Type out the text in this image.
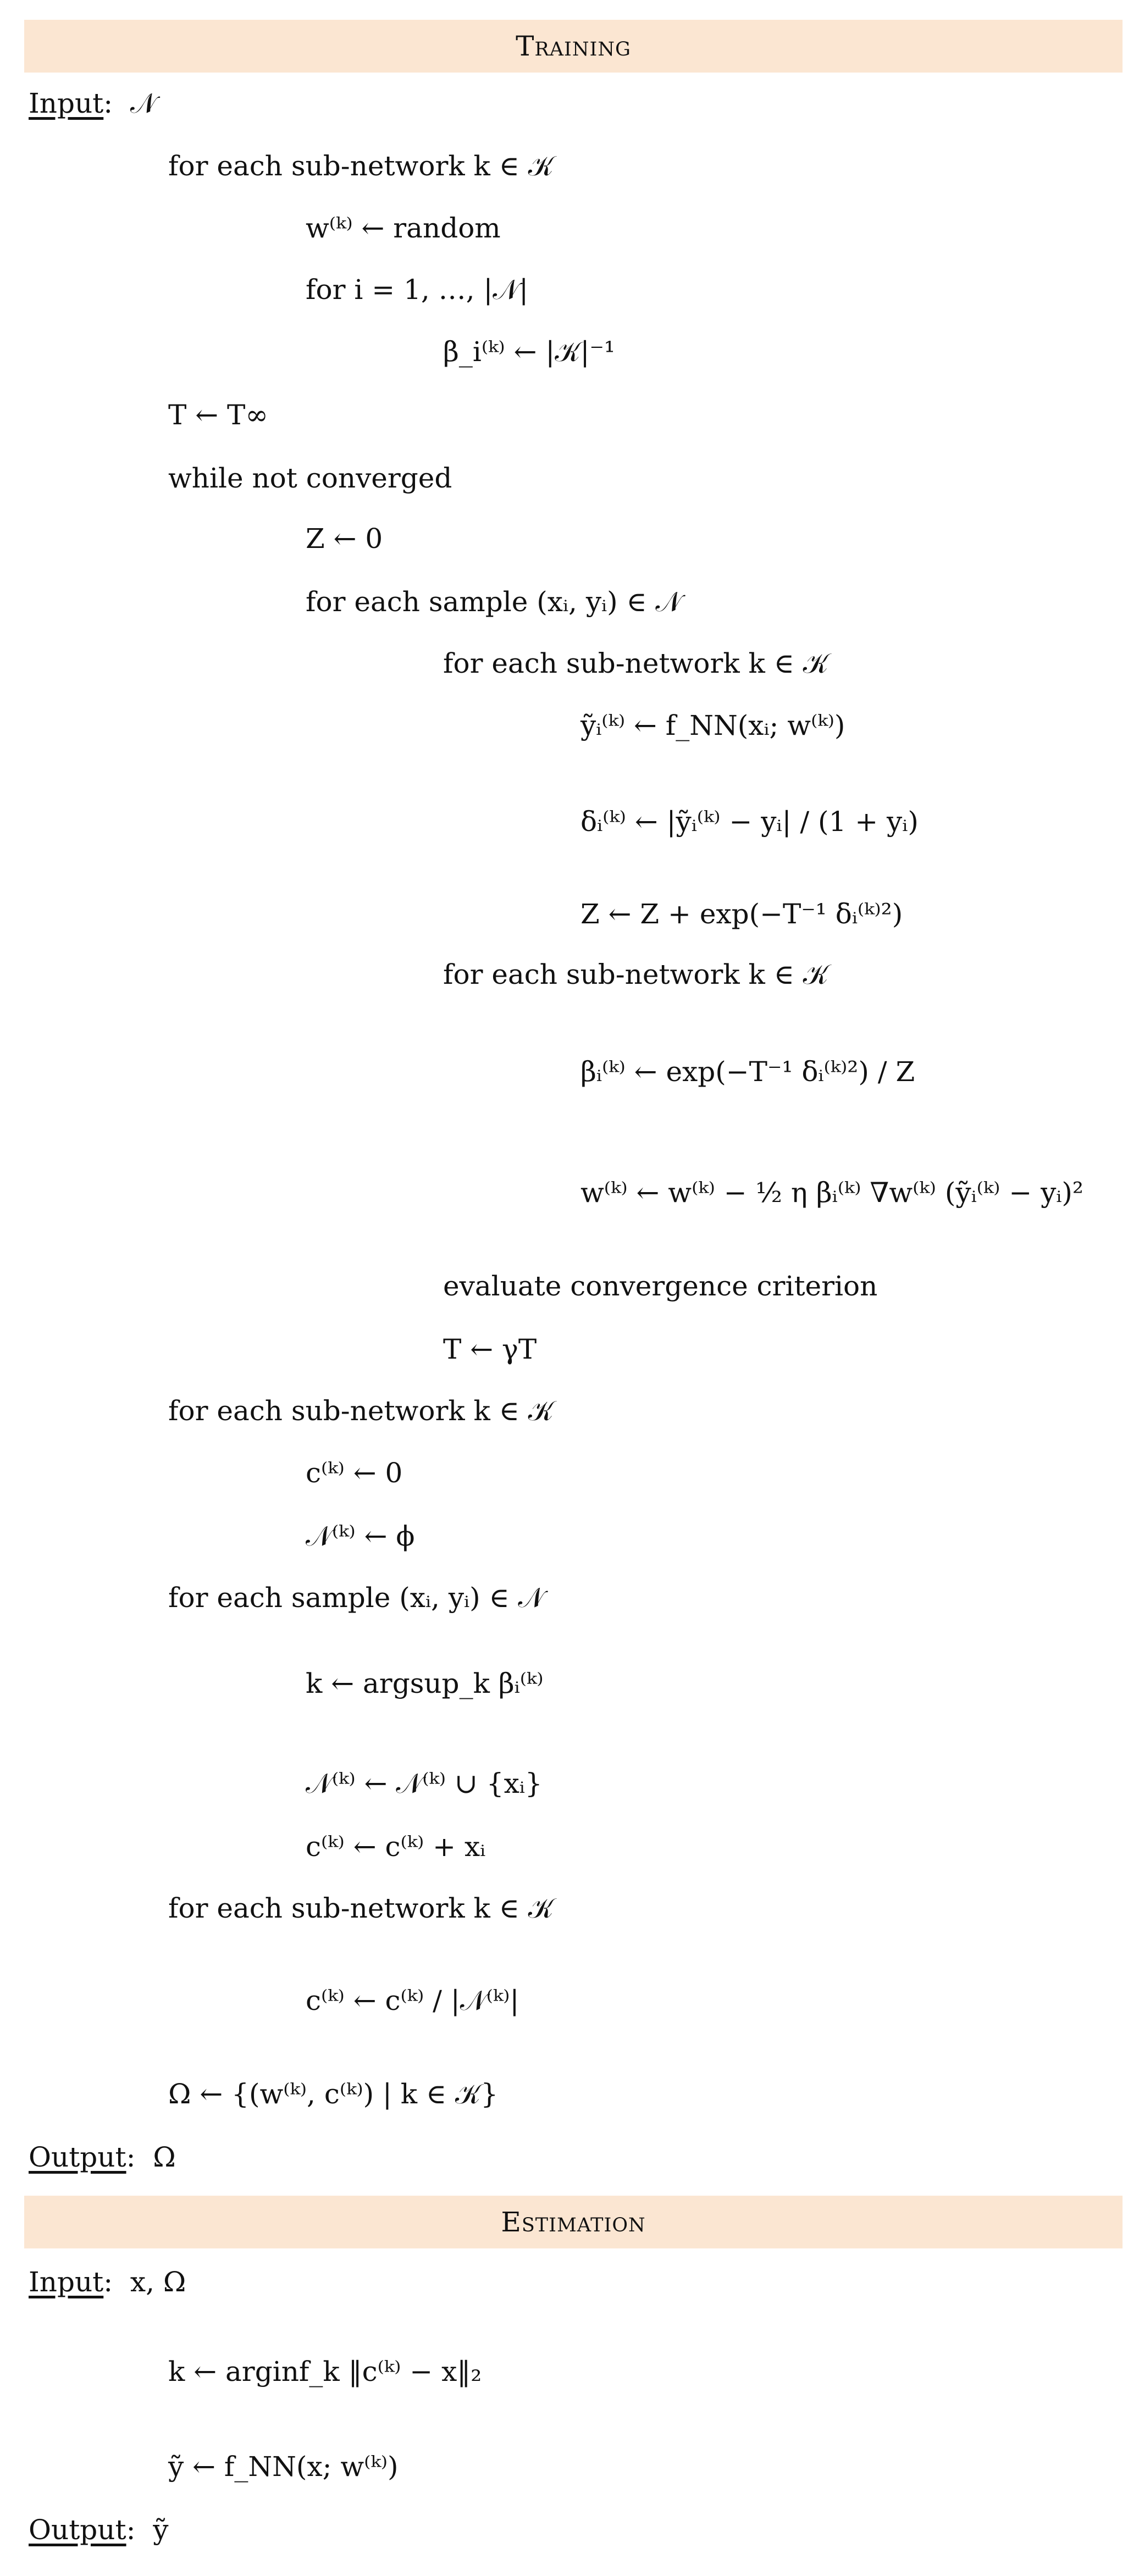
Training
Input:  𝒩
for each sub-network k ∈ 𝒦
w⁽ᵏ⁾ ← random
for i = 1, …, |𝒩|
β_i⁽ᵏ⁾ ← |𝒦|⁻¹
T ← T∞
while not converged
Z ← 0
for each sample (xᵢ, yᵢ) ∈ 𝒩
for each sub-network k ∈ 𝒦
ỹᵢ⁽ᵏ⁾ ← f_NN(xᵢ; w⁽ᵏ⁾)
δᵢ⁽ᵏ⁾ ← |ỹᵢ⁽ᵏ⁾ − yᵢ| / (1 + yᵢ)
Z ← Z + exp(−T⁻¹ δᵢ⁽ᵏ⁾²)
for each sub-network k ∈ 𝒦
βᵢ⁽ᵏ⁾ ← exp(−T⁻¹ δᵢ⁽ᵏ⁾²) / Z
w⁽ᵏ⁾ ← w⁽ᵏ⁾ − ½ η βᵢ⁽ᵏ⁾ ∇w⁽ᵏ⁾ (ỹᵢ⁽ᵏ⁾ − yᵢ)²
evaluate convergence criterion
T ← γT
for each sub-network k ∈ 𝒦
c⁽ᵏ⁾ ← 0
𝒩⁽ᵏ⁾ ← ϕ
for each sample (xᵢ, yᵢ) ∈ 𝒩
k ← argsup_k βᵢ⁽ᵏ⁾
𝒩⁽ᵏ⁾ ← 𝒩⁽ᵏ⁾ ∪ {xᵢ}
c⁽ᵏ⁾ ← c⁽ᵏ⁾ + xᵢ
for each sub-network k ∈ 𝒦
c⁽ᵏ⁾ ← c⁽ᵏ⁾ / |𝒩⁽ᵏ⁾|
Ω ← {(w⁽ᵏ⁾, c⁽ᵏ⁾) | k ∈ 𝒦}
Output:  Ω
Estimation
Input:  x, Ω
k ← arginf_k ‖c⁽ᵏ⁾ − x‖₂
ỹ ← f_NN(x; w⁽ᵏ⁾)
Output:  ỹ
